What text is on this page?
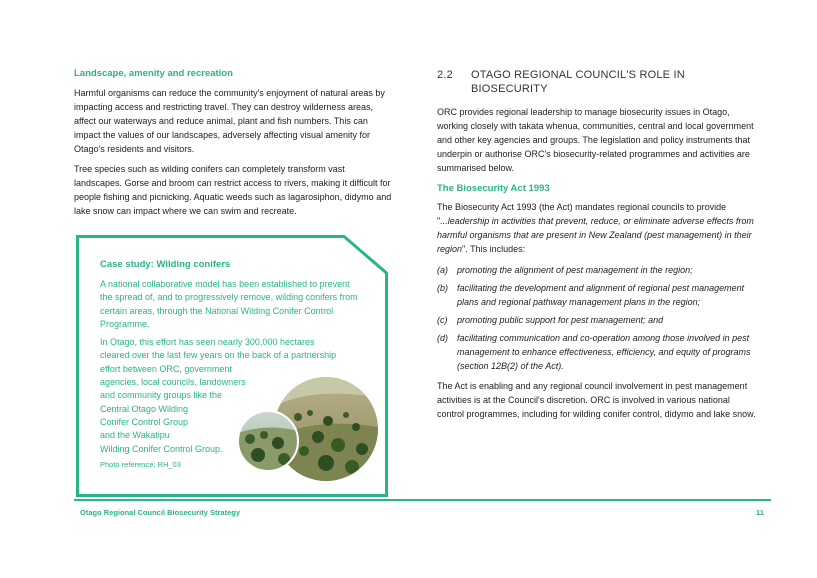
Landscape, amenity and recreation

Harmful organisms can reduce the community's enjoyment of natural areas by impacting access and restricting travel. They can destroy wilderness areas, affect our waterways and reduce animal, plant and fish numbers. This can impact the values of our landscapes, adversely affecting visual amenity for Otago's residents and visitors.

Tree species such as wilding conifers can completely transform vast landscapes. Gorse and broom can restrict access to rivers, making it difficult for people fishing and picnicking. Aquatic weeds such as lagarosiphon, didymo and lake snow can impact where we can swim and recreate.

Case study: Wilding conifers

A national collaborative model has been established to prevent the spread of, and to progressively remove, wilding conifers from certain areas, through the National Wilding Conifer Control Programme.

In Otago, this effort has seen nearly 300,000 hectares
cleared over the last few years on the back of a partnership
effort between ORC, government
agencies, local councils, landowners
and community groups like the
Central Otago Wilding
Conifer Control Group
and the Wakatipu
Wilding Conifer Control Group.

Photo reference: RH_03
2.2	OTAGO REGIONAL COUNCIL'S ROLE IN BIOSECURITY

ORC provides regional leadership to manage biosecurity issues in Otago, working closely with takata whenua, communities, central and local government and other key agencies and groups. The legislation and policy instruments that underpin or authorise ORC's biosecurity-related programmes and activities are summarised below.

The Biosecurity Act 1993

The Biosecurity Act 1993 (the Act) mandates regional councils to provide "...leadership in activities that prevent, reduce, or eliminate adverse effects from harmful organisms that are present in New Zealand (pest management) in their region". This includes:

(a)	promoting the alignment of pest management in the region;
(b)	facilitating the development and alignment of regional pest management plans and regional pathway management plans in the region;
(c)	promoting public support for pest management; and
(d)	facilitating communication and co-operation among those involved in pest management to enhance effectiveness, efficiency, and equity of programs (section 12B(2) of the Act).

The Act is enabling and any regional council involvement in pest management activities is at the Council's discretion. ORC is involved in various national control programmes, including for wilding conifer control, didymo and lake snow.

Otago Regional Council Biosecurity Strategy	11
